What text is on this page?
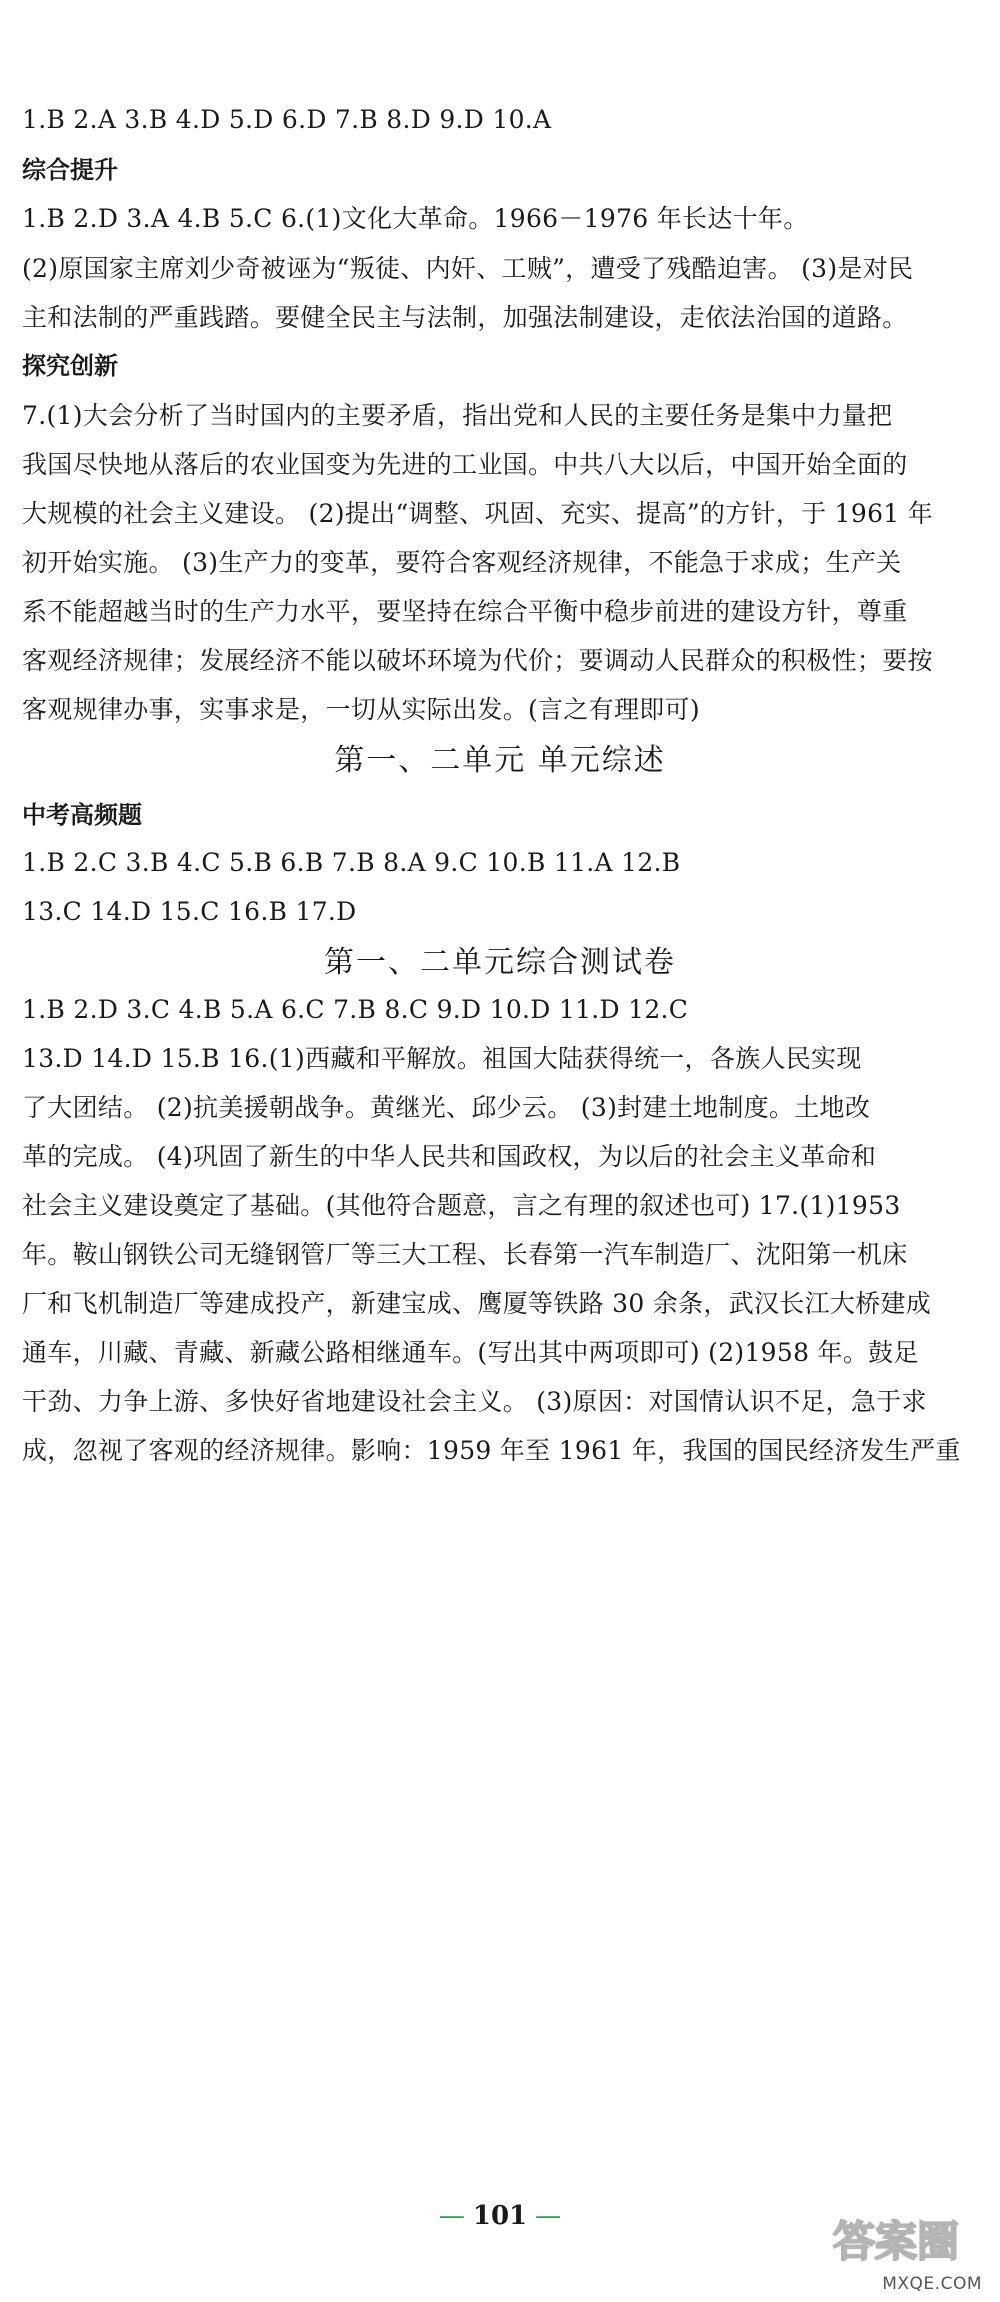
1.B 2.A 3.B 4.D 5.D 6.D 7.B 8.D 9.D 10.A
综合提升
1.B 2.D 3.A 4.B 5.C 6.(1)文化大革命。1966－1976 年长达十年。
(2)原国家主席刘少奇被诬为“叛徒、内奸、工贼”，遭受了残酷迫害。 (3)是对民
主和法制的严重践踏。要健全民主与法制，加强法制建设，走依法治国的道路。
探究创新
7.(1)大会分析了当时国内的主要矛盾，指出党和人民的主要任务是集中力量把
我国尽快地从落后的农业国变为先进的工业国。中共八大以后，中国开始全面的
大规模的社会主义建设。 (2)提出“调整、巩固、充实、提高”的方针，于 1961 年
初开始实施。 (3)生产力的变革，要符合客观经济规律，不能急于求成；生产关
系不能超越当时的生产力水平，要坚持在综合平衡中稳步前进的建设方针，尊重
客观经济规律；发展经济不能以破坏环境为代价；要调动人民群众的积极性；要按
客观规律办事，实事求是，一切从实际出发。(言之有理即可)
第一、二单元 单元综述
中考高频题
1.B 2.C 3.B 4.C 5.B 6.B 7.B 8.A 9.C 10.B 11.A 12.B
13.C 14.D 15.C 16.B 17.D
第一、二单元综合测试卷
1.B 2.D 3.C 4.B 5.A 6.C 7.B 8.C 9.D 10.D 11.D 12.C
13.D 14.D 15.B 16.(1)西藏和平解放。祖国大陆获得统一，各族人民实现
了大团结。 (2)抗美援朝战争。黄继光、邱少云。 (3)封建土地制度。土地改
革的完成。 (4)巩固了新生的中华人民共和国政权，为以后的社会主义革命和
社会主义建设奠定了基础。(其他符合题意，言之有理的叙述也可) 17.(1)1953
年。鞍山钢铁公司无缝钢管厂等三大工程、长春第一汽车制造厂、沈阳第一机床
厂和飞机制造厂等建成投产，新建宝成、鹰厦等铁路 30 余条，武汉长江大桥建成
通车，川藏、青藏、新藏公路相继通车。(写出其中两项即可) (2)1958 年。鼓足
干劲、力争上游、多快好省地建设社会主义。 (3)原因：对国情认识不足，急于求
成，忽视了客观的经济规律。影响：1959 年至 1961 年，我国的国民经济发生严重
— 101 —
答案圈
MXQE.COM
